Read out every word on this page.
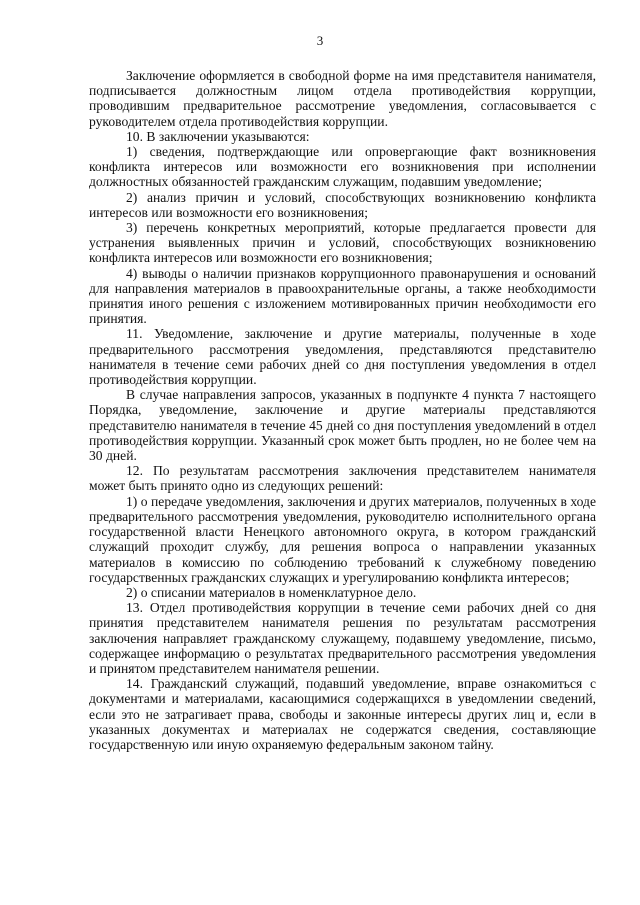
3

Заключение оформляется в свободной форме на имя представителя нанимателя, подписывается должностным лицом отдела противодействия коррупции, проводившим предварительное рассмотрение уведомления, согласовывается с руководителем отдела противодействия коррупции.

10. В заключении указываются:

1) сведения, подтверждающие или опровергающие факт возникновения конфликта интересов или возможности его возникновения при исполнении должностных обязанностей гражданским служащим, подавшим уведомление;

2) анализ причин и условий, способствующих возникновению конфликта интересов или возможности его возникновения;

3) перечень конкретных мероприятий, которые предлагается провести для устранения выявленных причин и условий, способствующих возникновению конфликта интересов или возможности его возникновения;

4) выводы о наличии признаков коррупционного правонарушения и оснований для направления материалов в правоохранительные органы, а также необходимости принятия иного решения с изложением мотивированных причин необходимости его принятия.

11. Уведомление, заключение и другие материалы, полученные в ходе предварительного рассмотрения уведомления, представляются представителю нанимателя в течение семи рабочих дней со дня поступления уведомления в отдел противодействия коррупции.

В случае направления запросов, указанных в подпункте 4 пункта 7 настоящего Порядка, уведомление, заключение и другие материалы представляются представителю нанимателя в течение 45 дней со дня поступления уведомлений в отдел противодействия коррупции. Указанный срок может быть продлен, но не более чем на 30 дней.

12. По результатам рассмотрения заключения представителем нанимателя может быть принято одно из следующих решений:

1) о передаче уведомления, заключения и других материалов, полученных в ходе предварительного рассмотрения уведомления, руководителю исполнительного органа государственной власти Ненецкого автономного округа, в котором гражданский служащий проходит службу, для решения вопроса о направлении указанных материалов в комиссию по соблюдению требований к служебному поведению государственных гражданских служащих и урегулированию конфликта интересов;

2) о списании материалов в номенклатурное дело.

13. Отдел противодействия коррупции в течение семи рабочих дней со дня принятия представителем нанимателя решения по результатам рассмотрения заключения направляет гражданскому служащему, подавшему уведомление, письмо, содержащее информацию о результатах предварительного рассмотрения уведомления и принятом представителем нанимателя решении.

14. Гражданский служащий, подавший уведомление, вправе ознакомиться с документами и материалами, касающимися содержащихся в уведомлении сведений, если это не затрагивает права, свободы и законные интересы других лиц и, если в указанных документах и материалах не содержатся сведения, составляющие государственную или иную охраняемую федеральным законом тайну.
